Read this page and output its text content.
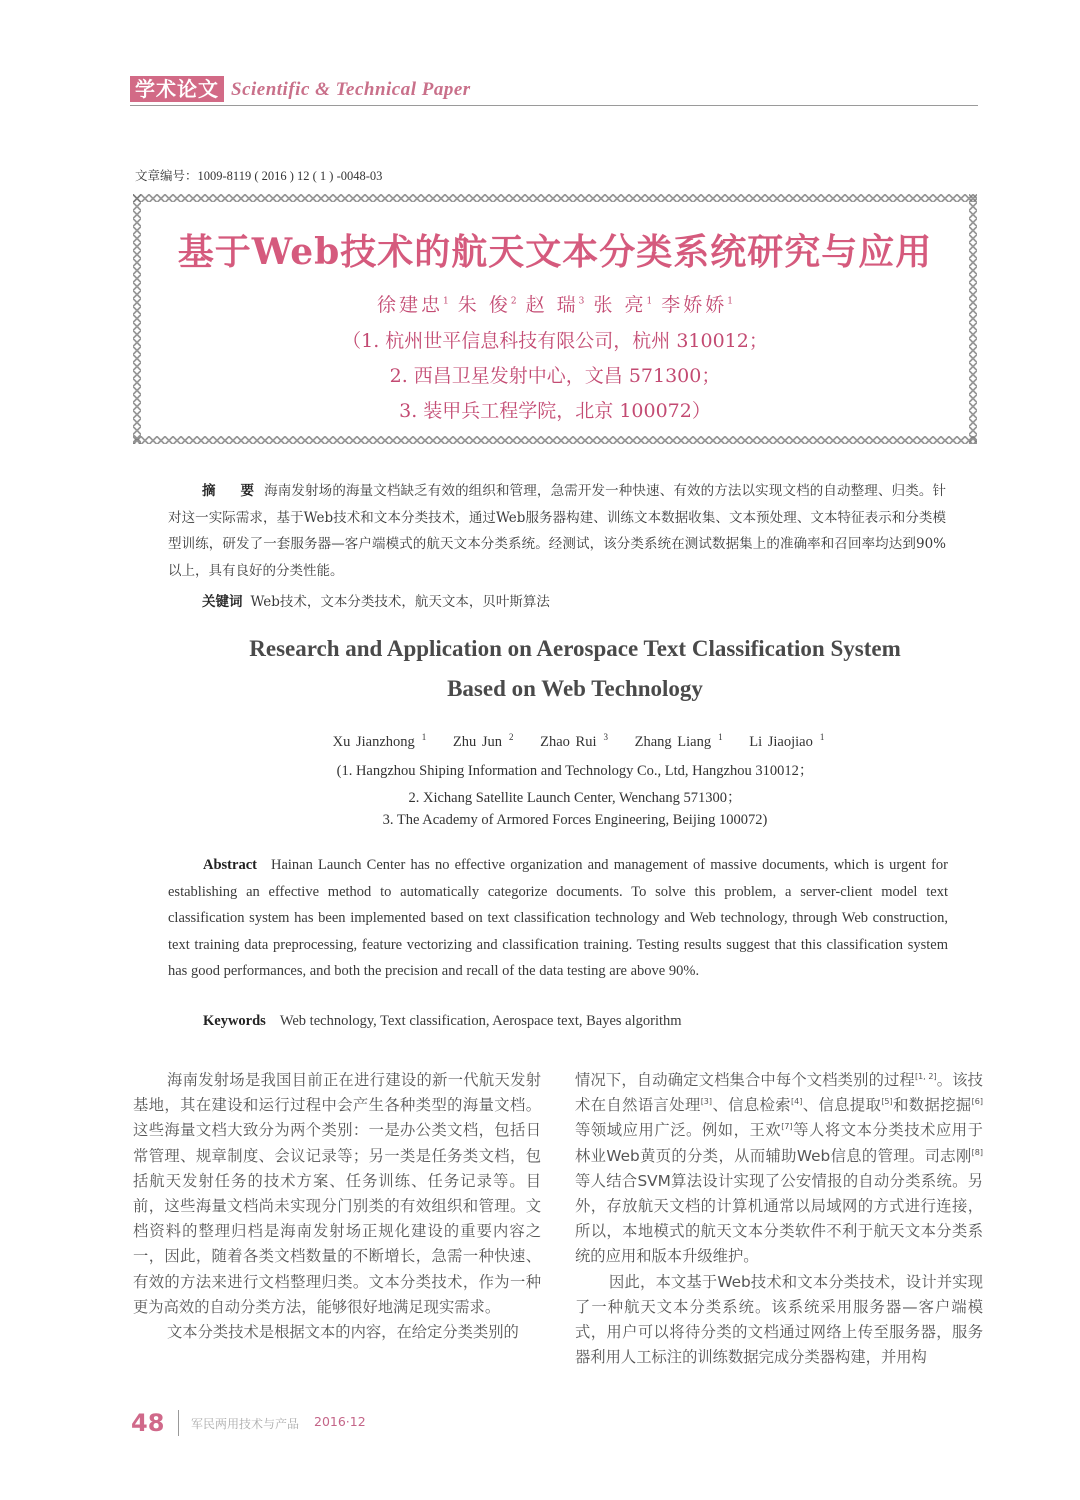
学术论文 Scientific & Technical Paper
文章编号：1009-8119 ( 2016 ) 12 ( 1 ) -0048-03
基于Web技术的航天文本分类系统研究与应用
徐建忠$^1$ 朱 俊$^2$ 赵 瑞$^3$ 张 亮$^1$ 李娇娇$^1$
（1. 杭州世平信息科技有限公司，杭州 310012；
2. 西昌卫星发射中心，文昌 571300；
3. 装甲兵工程学院，北京 100072）
摘 要海南发射场的海量文档缺乏有效的组织和管理，急需开发一种快速、有效的方法以实现文档的自动整理、归类。针对这一实际需求，基于Web技术和文本分类技术，通过Web服务器构建、训练文本数据收集、文本预处理、文本特征表示和分类模型训练，研发了一套服务器—客户端模式的航天文本分类系统。经测试，该分类系统在测试数据集上的准确率和召回率均达到90%以上，具有良好的分类性能。
关键词 Web技术，文本分类技术，航天文本，贝叶斯算法
Research and Application on Aerospace Text Classification System
Based on Web Technology
Xu Jianzhong $^1$ Zhu Jun $^2$ Zhao Rui $^3$ Zhang Liang $^1$ Li Jiaojiao $^1$
(1. Hangzhou Shiping Information and Technology Co., Ltd, Hangzhou 310012；
2. Xichang Satellite Launch Center, Wenchang 571300；
3. The Academy of Armored Forces Engineering, Beijing 100072)
Abstract Hainan Launch Center has no effective organization and management of massive documents, which is urgent for establishing an effective method to automatically categorize documents. To solve this problem, a server-client model text classification system has been implemented based on text classification technology and Web technology, through Web construction, text training data preprocessing, feature vectorizing and classification training. Testing results suggest that this classification system has good performances, and both the precision and recall of the data testing are above 90%.
Keywords Web technology, Text classification, Aerospace text, Bayes algorithm

海南发射场是我国目前正在进行建设的新一代航天发射基地，其在建设和运行过程中会产生各种类型的海量文档。这些海量文档大致分为两个类别：一是办公类文档，包括日常管理、规章制度、会议记录等；另一类是任务类文档，包括航天发射任务的技术方案、任务训练、任务记录等。目前，这些海量文档尚未实现分门别类的有效组织和管理。文档资料的整理归档是海南发射场正规化建设的重要内容之一，因此，随着各类文档数量的不断增长，急需一种快速、有效的方法来进行文档整理归类。文本分类技术，作为一种更为高效的自动分类方法，能够很好地满足现实需求。

文本分类技术是根据文本的内容，在给定分类类别的

情况下，自动确定文档集合中每个文档类别的过程[1, 2]。该技术在自然语言处理[3]、信息检索[4]、信息提取[5]和数据挖掘[6]等领域应用广泛。例如，王欢[7]等人将文本分类技术应用于林业Web黄页的分类，从而辅助Web信息的管理。司志刚[8]等人结合SVM算法设计实现了公安情报的自动分类系统。另外，存放航天文档的计算机通常以局域网的方式进行连接，所以，本地模式的航天文本分类软件不利于航天文本分类系统的应用和版本升级维护。

因此，本文基于Web技术和文本分类技术，设计并实现了一种航天文本分类系统。该系统采用服务器—客户端模式，用户可以将待分类的文档通过网络上传至服务器，服务器利用人工标注的训练数据完成分类器构建，并用构

48 军民两用技术与产品 2016·12
